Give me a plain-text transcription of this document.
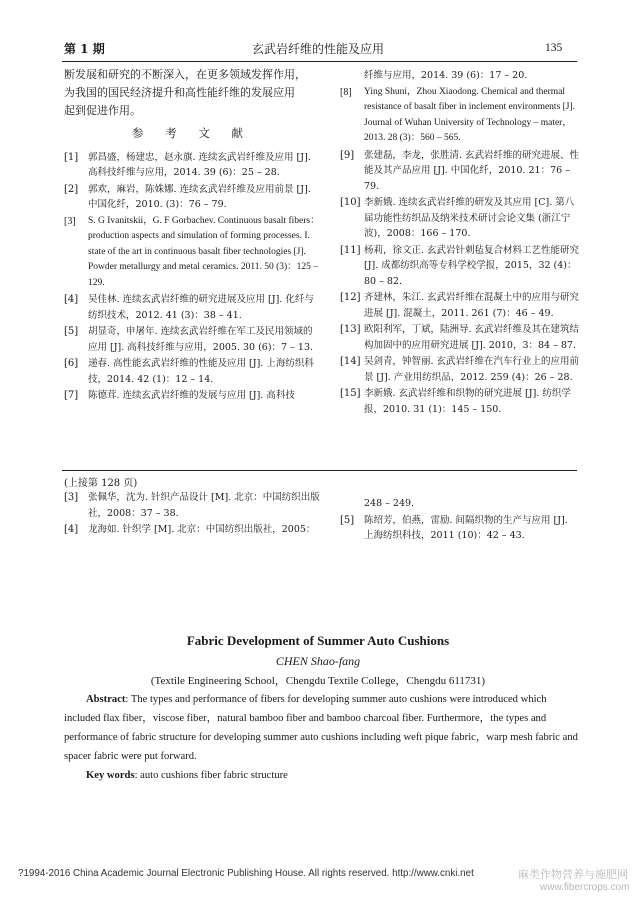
第 1 期	玄武岩纤维的性能及应用	135
断发展和研究的不断深入，在更多领域发挥作用，
为我国的国民经济提升和高性能纤维的发展应用
起到促进作用。
参 考 文 献
[1] 郭昌盛，杨建忠，赵永旗. 连续玄武岩纤维及应用 [J]. 高科技纤维与应用，2014. 39 (6)：25 – 28.
[2] 郭欢，麻岩，陈姝娜. 连续玄武岩纤维及应用前景 [J]. 中国化纤，2010. (3)：76 – 79.
[3] S. G Ivanitskii，G. F Gorbachev. Continuous basalt fibers：production aspects and simulation of forming processes. I. state of the art in continuous basalt fiber technologies [J]. Powder metallurgy and metal ceramics. 2011. 50 (3)：125 – 129.
[4] 吴佳林. 连续玄武岩纤维的研究进展及应用 [J]. 化纤与纺织技术，2012. 41 (3)：38 – 41.
[5] 胡显奇，申屠年. 连续玄武岩纤维在军工及民用领域的应用 [J]. 高科技纤维与应用，2005. 30 (6)：7 – 13.
[6] 递春. 高性能玄武岩纤维的性能及应用 [J]. 上海纺织科技，2014. 42 (1)：12 – 14.
[7] 陈德茸. 连续玄武岩纤维的发展与应用 [J]. 高科技
纤维与应用，2014. 39 (6)：17 – 20.
[8] Ying Shuni，Zhou Xiaodong. Chemical and thermal resistance of basalt fiber in inclement environments [J]. Journal of Wuhan University of Technology – mater，2013. 28 (3)：560 – 565.
[9] 张建磊，李龙，张胜清. 玄武岩纤维的研究进展、性能及其产品应用 [J]. 中国化纤，2010. 21：76 – 79.
[10] 李新娥. 连续玄武岩纤维的研发及其应用 [C]. 第八届功能性纺织品及纳米技术研讨会论文集 (浙江宁波)，2008：166 – 170.
[11] 杨莉，徐文正. 玄武岩针刺毡复合材料工艺性能研究 [J]. 成都纺织高等专科学校学报，2015，32 (4)：80 – 82.
[12] 齐建林，朱江. 玄武岩纤维在混凝土中的应用与研究进展 [J]. 混凝土，2011. 261 (7)：46 – 49.
[13] 欧阳利军，丁斌，陆洲导. 玄武岩纤维及其在建筑结构加固中的应用研究进展 [J]. 2010，3：84 – 87.
[14] 吴剑青，钟智丽. 玄武岩纤维在汽车行业上的应用前景 [J]. 产业用纺织品，2012. 259 (4)：26 – 28.
[15] 李新娥. 玄武岩纤维和织物的研究进展 [J]. 纺织学报，2010. 31 (1)：145 – 150.
(上接第 128 页)
[3] 张佩华，沈为. 针织产品设计 [M]. 北京：中国纺织出版社，2008：37 – 38.
[4] 龙海如. 针织学 [M]. 北京：中国纺织出版社，2005：
248 – 249.
[5] 陈绍芳，伯燕，雷励. 间隔织物的生产与应用 [J]. 上海纺织科技，2011 (10)：42 – 43.
Fabric Development of Summer Auto Cushions
CHEN Shao-fang
(Textile Engineering School，Chengdu Textile College，Chengdu 611731)
Abstract: The types and performance of fibers for developing summer auto cushions were introduced which included flax fiber，viscose fiber，natural bamboo fiber and bamboo charcoal fiber. Furthermore，the types and performance of fabric structure for developing summer auto cushions including weft pique fabric，warp mesh fabric and spacer fabric were put forward.
Key words: auto cushions fiber fabric structure
?1994-2016 China Academic Journal Electronic Publishing House. All rights reserved. http://www.cnki.net	麻类作物营养与施肥网
www.fibercrops.com
